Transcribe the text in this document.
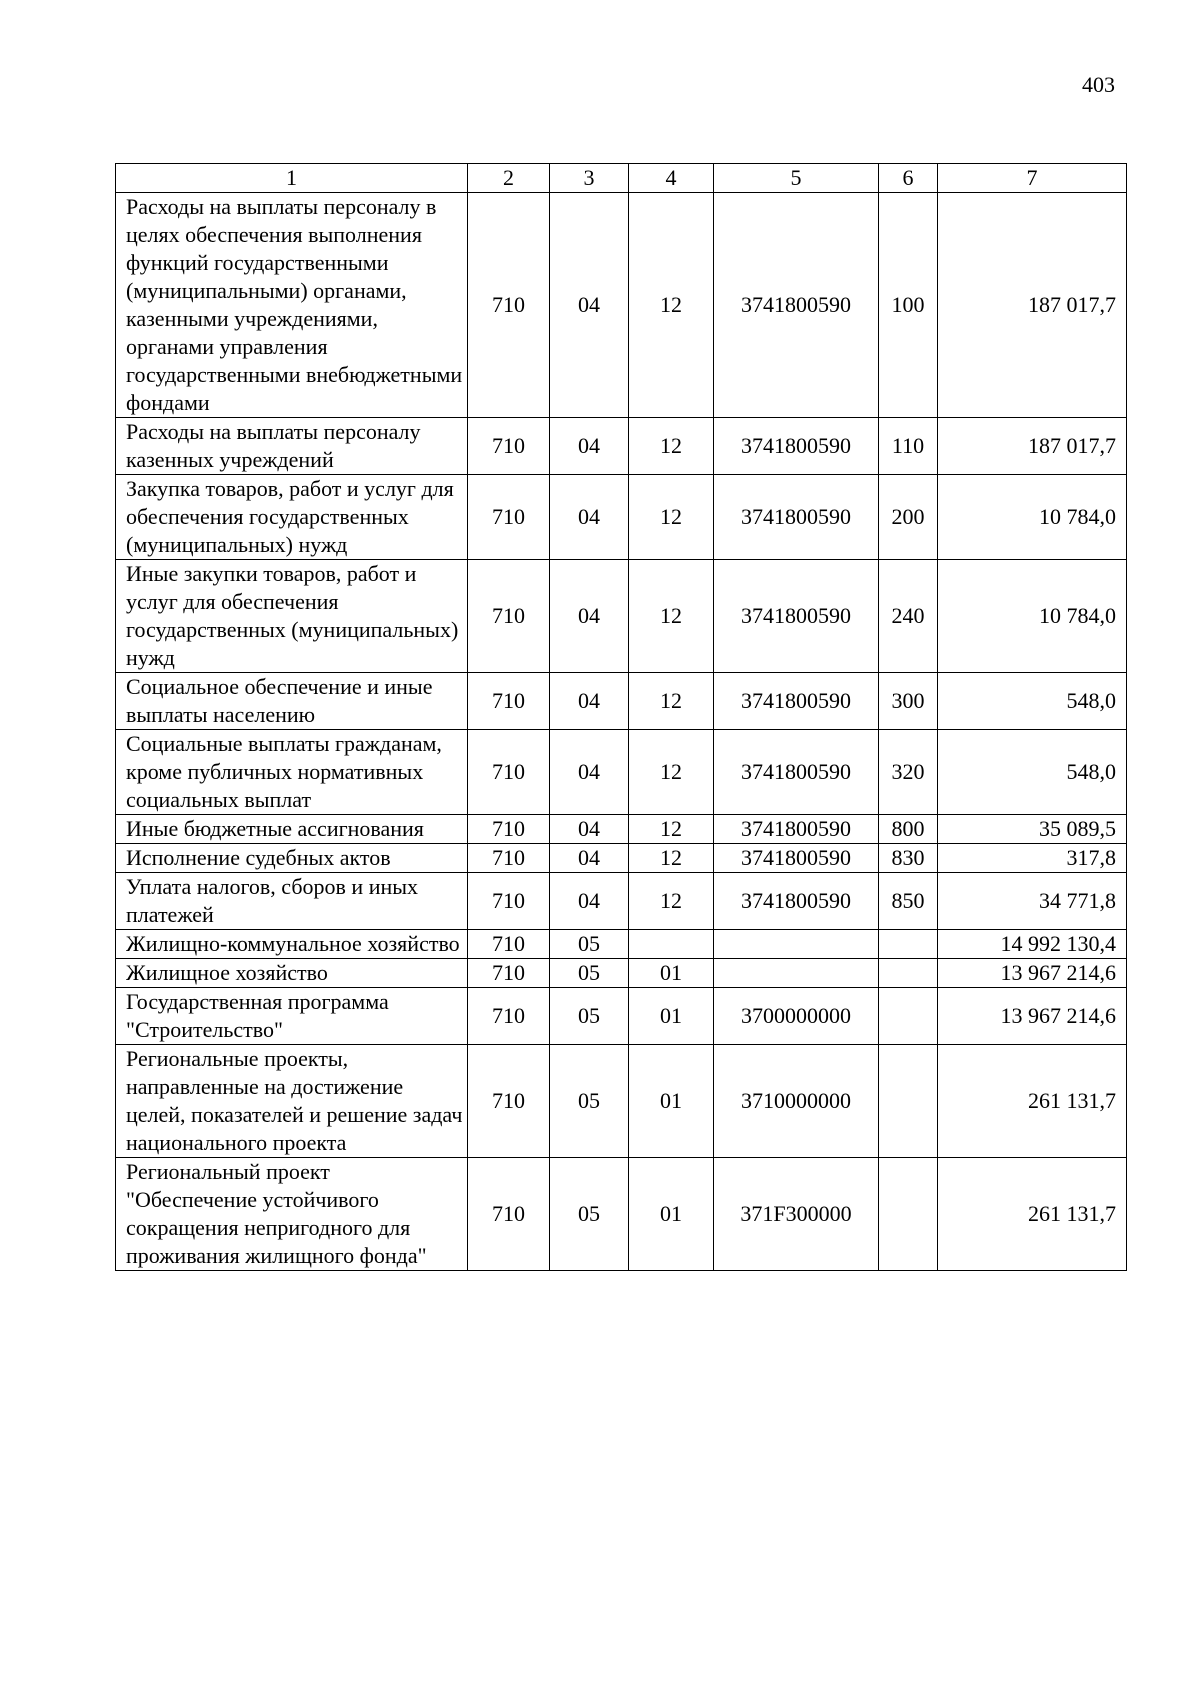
403
1	2	3	4	5	6	7
Расходы на выплаты персоналу в целях обеспечения выполнения функций государственными (муниципальными) органами, казенными учреждениями, органами управления государственными внебюджетными фондами	710	04	12	3741800590	100	187 017,7
Расходы на выплаты персоналу казенных учреждений	710	04	12	3741800590	110	187 017,7
Закупка товаров, работ и услуг для обеспечения государственных (муниципальных) нужд	710	04	12	3741800590	200	10 784,0
Иные закупки товаров, работ и услуг для обеспечения государственных (муниципальных) нужд	710	04	12	3741800590	240	10 784,0
Социальное обеспечение и иные выплаты населению	710	04	12	3741800590	300	548,0
Социальные выплаты гражданам, кроме публичных нормативных социальных выплат	710	04	12	3741800590	320	548,0
Иные бюджетные ассигнования	710	04	12	3741800590	800	35 089,5
Исполнение судебных актов	710	04	12	3741800590	830	317,8
Уплата налогов, сборов и иных платежей	710	04	12	3741800590	850	34 771,8
Жилищно-коммунальное хозяйство	710	05				14 992 130,4
Жилищное хозяйство	710	05	01			13 967 214,6
Государственная программа "Строительство"	710	05	01	3700000000		13 967 214,6
Региональные проекты, направленные на достижение целей, показателей и решение задач национального проекта	710	05	01	3710000000		261 131,7
Региональный проект "Обеспечение устойчивого сокращения непригодного для проживания жилищного фонда"	710	05	01	371F300000		261 131,7
